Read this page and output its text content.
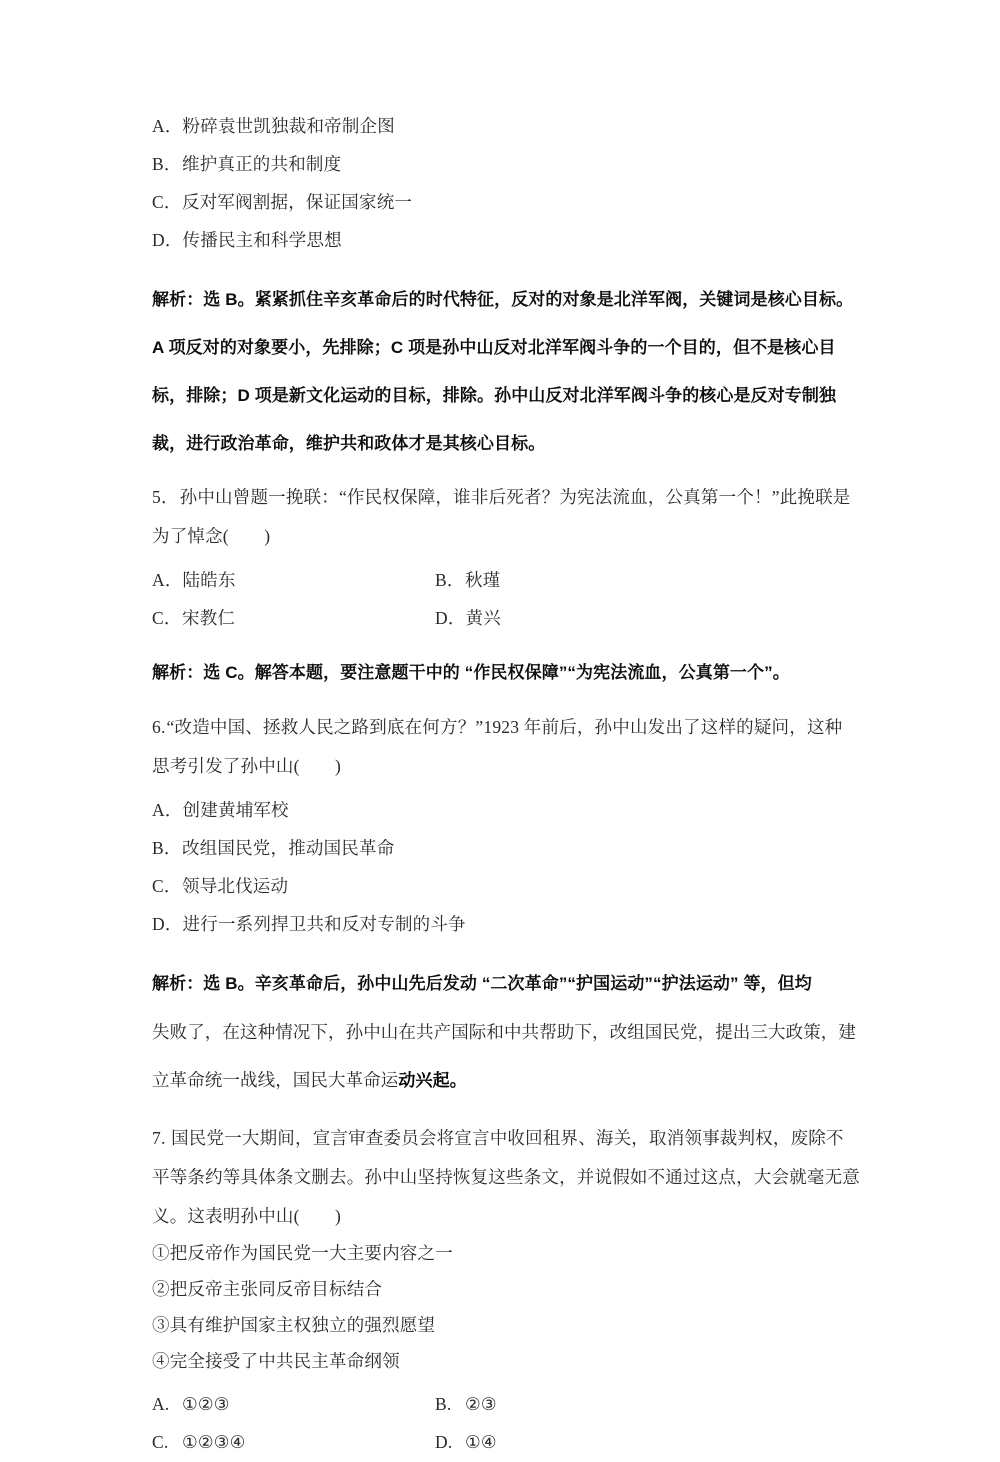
A． 粉碎袁世凯独裁和帝制企图
B． 维护真正的共和制度
C． 反对军阀割据，保证国家统一
D． 传播民主和科学思想
解析：选 B。紧紧抓住辛亥革命后的时代特征，反对的对象是北洋军阀，关键词是核心目标。
A 项反对的对象要小，先排除；C 项是孙中山反对北洋军阀斗争的一个目的，但不是核心目
标，排除；D 项是新文化运动的目标，排除。孙中山反对北洋军阀斗争的核心是反对专制独
裁，进行政治革命，维护共和政体才是其核心目标。
5．孙中山曾题一挽联：“作民权保障，谁非后死者？为宪法流血，公真第一个！”此挽联是
为了悼念(　　)
A． 陆皓东	B． 秋瑾
C． 宋教仁	D． 黄兴
解析：选 C。解答本题，要注意题干中的 “作民权保障”“为宪法流血，公真第一个”。
6.“改造中国、拯救人民之路到底在何方？”1923 年前后，孙中山发出了这样的疑问，这种
思考引发了孙中山(　　)
A． 创建黄埔军校
B． 改组国民党，推动国民革命
C． 领导北伐运动
D． 进行一系列捍卫共和反对专制的斗争
解析：选 B。辛亥革命后，孙中山先后发动 “二次革命”“护国运动”“护法运动” 等，但均
失败了，在这种情况下，孙中山在共产国际和中共帮助下，改组国民党，提出三大政策，建
立革命统一战线，国民大革命运动兴起。
7. 国民党一大期间，宣言审查委员会将宣言中收回租界、海关，取消领事裁判权，废除不
平等条约等具体条文删去。孙中山坚持恢复这些条文，并说假如不通过这点，大会就毫无意
义。这表明孙中山(　　)
①把反帝作为国民党一大主要内容之一
②把反帝主张同反帝目标结合
③具有维护国家主权独立的强烈愿望
④完全接受了中共民主革命纲领
A. ①②③	B. ②③
C. ①②③④	D. ①④
